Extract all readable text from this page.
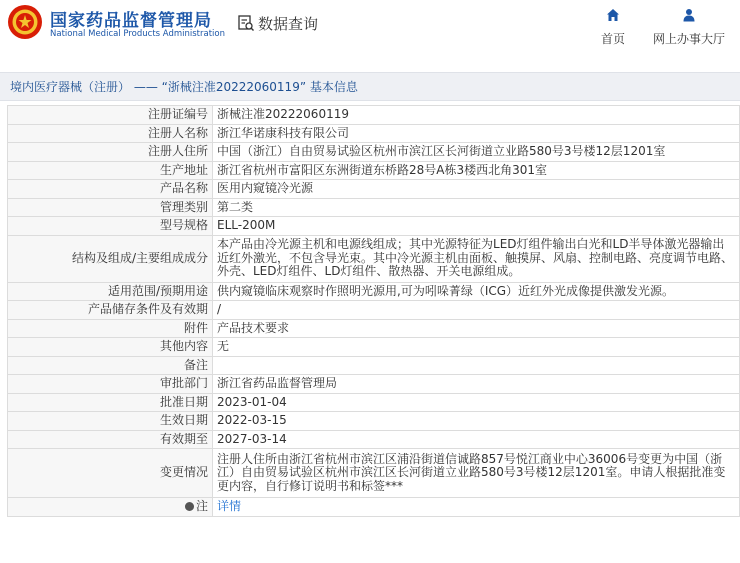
国家药品监督管理局
National Medical Products Administration
数据查询
首页 网上办事大厅
境内医疗器械（注册） —— “浙械注准20222060119” 基本信息
注册证编号	浙械注准20222060119
注册人名称	浙江华诺康科技有限公司
注册人住所	中国（浙江）自由贸易试验区杭州市滨江区长河街道立业路580号3号楼12层1201室
生产地址	浙江省杭州市富阳区东洲街道东桥路28号A栋3楼西北角301室
产品名称	医用内窥镜冷光源
管理类别	第二类
型号规格	ELL-200M
结构及组成/主要组成成分	本产品由冷光源主机和电源线组成；其中光源特征为LED灯组件输出白光和LD半导体激光器输出近红外激光，不包含导光束。其中冷光源主机由面板、触摸屏、风扇、控制电路、亮度调节电路、外壳、LED灯组件、LD灯组件、散热器、开关电源组成。
适用范围/预期用途	供内窥镜临床观察时作照明光源用,可为吲哚菁绿（ICG）近红外光成像提供激发光源。
产品储存条件及有效期	/
附件	产品技术要求
其他内容	无
备注	
审批部门	浙江省药品监督管理局
批准日期	2023-01-04
生效日期	2022-03-15
有效期至	2027-03-14
变更情况	注册人住所由浙江省杭州市滨江区浦沿街道信诚路857号悦江商业中心36006号变更为中国（浙江）自由贸易试验区杭州市滨江区长河街道立业路580号3号楼12层1201室。申请人根据批准变更内容，自行修订说明书和标签***
注	详情
